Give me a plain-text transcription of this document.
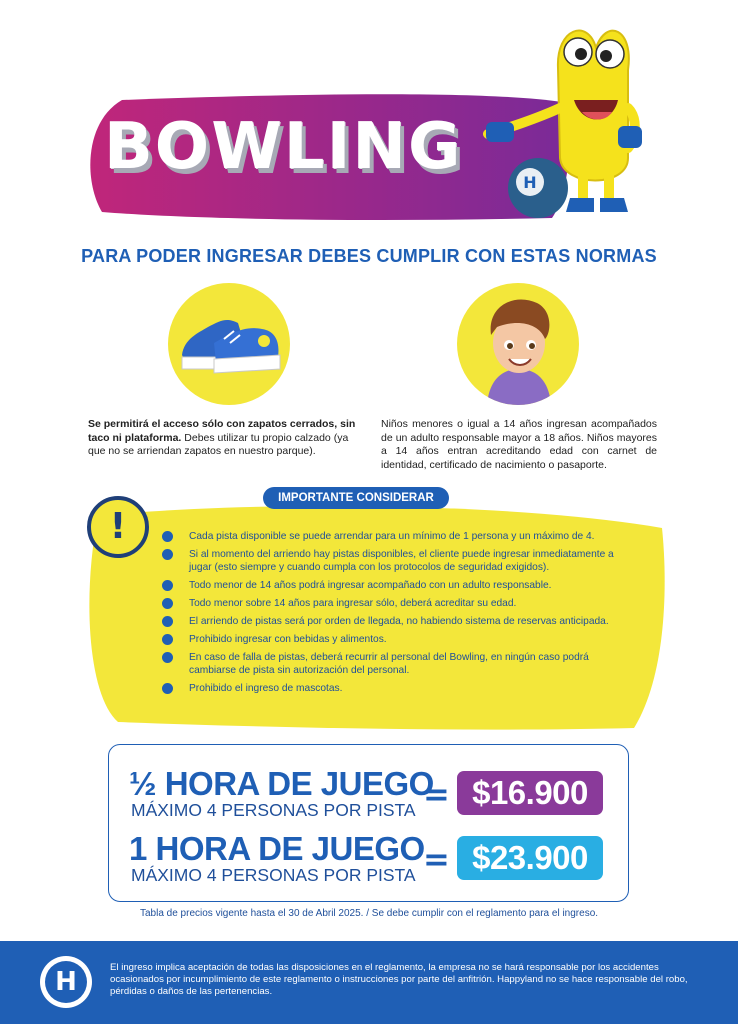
BOWLING	H
PARA PODER INGRESAR DEBES CUMPLIR CON ESTAS NORMAS
Se permitirá el acceso sólo con zapatos cerrados, sin taco ni plataforma. Debes utilizar tu propio calzado (ya que no se arriendan zapatos en nuestro parque).
Niños menores o igual a 14 años ingresan acompañados de un adulto responsable mayor a 18 años. Niños mayores a 14 años entran acreditando edad con carnet de identidad, certificado de nacimiento o pasaporte.
IMPORTANTE CONSIDERAR
!	Cada pista disponible se puede arrendar para un mínimo de 1 persona y un máximo de 4.
Si al momento del arriendo hay pistas disponibles, el cliente puede ingresar inmediatamente a jugar (esto siempre y cuando cumpla con los protocolos de seguridad exigidos).
Todo menor de 14 años podrá ingresar acompañado con un adulto responsable.
Todo menor sobre 14 años para ingresar sólo, deberá acreditar su edad.
El arriendo de pistas será por orden de llegada, no habiendo sistema de reservas anticipada.
Prohibido ingresar con bebidas y alimentos.
En caso de falla de pistas, deberá recurrir al personal del Bowling, en ningún caso podrá cambiarse de pista sin autorización del personal.
Prohibido el ingreso de mascotas.
½ HORA DE JUEGO
MÁXIMO 4 PERSONAS POR PISTA = $16.900
1 HORA DE JUEGO
MÁXIMO 4 PERSONAS POR PISTA = $23.900
Tabla de precios vigente hasta el 30 de Abril 2025. / Se debe cumplir con el reglamento para el ingreso.
H	El ingreso implica aceptación de todas las disposiciones en el reglamento, la empresa no se hará responsable por los accidentes ocasionados por incumplimiento de este reglamento o instrucciones por parte del anfitrión. Happyland no se hace responsable del robo, pérdidas o daños de las pertenencias.
